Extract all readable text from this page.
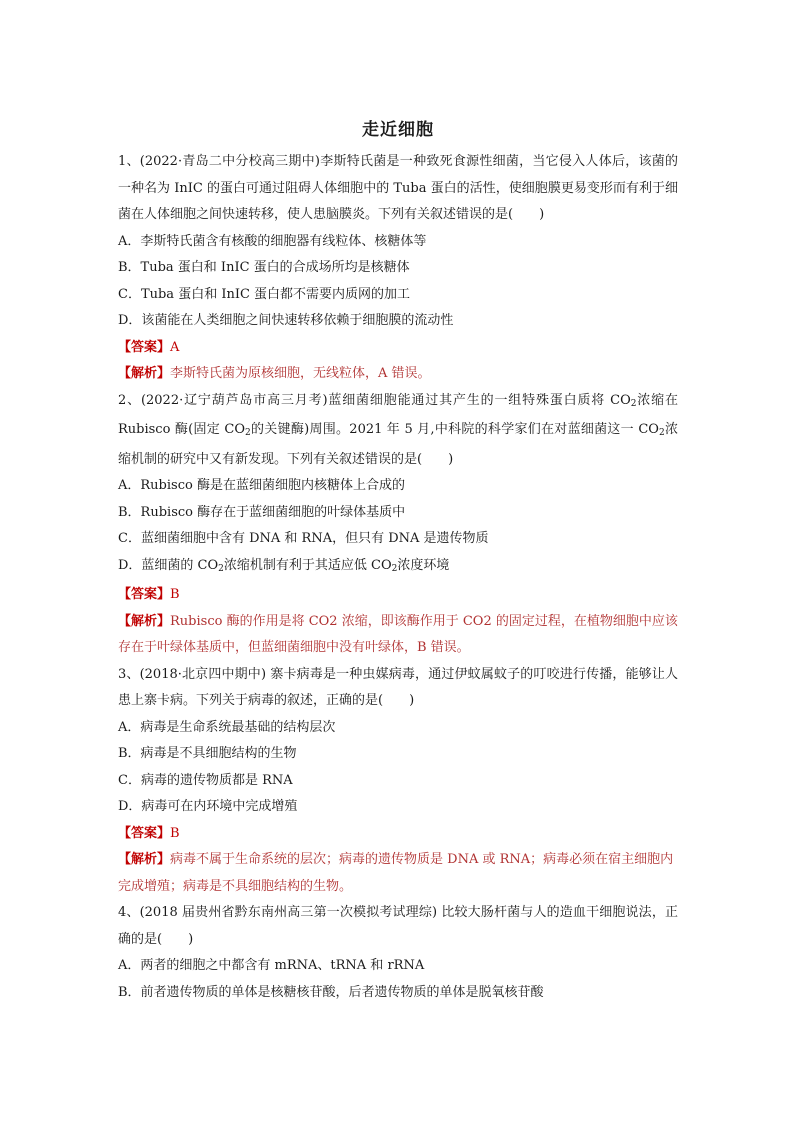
走近细胞

1、(2022·青岛二中分校高三期中)李斯特氏菌是一种致死食源性细菌，当它侵入人体后，该菌的一种名为 InIC 的蛋白可通过阻碍人体细胞中的 Tuba 蛋白的活性，使细胞膜更易变形而有利于细菌在人体细胞之间快速转移，使人患脑膜炎。下列有关叙述错误的是(　　)

A．李斯特氏菌含有核酸的细胞器有线粒体、核糖体等

B．Tuba 蛋白和 InIC 蛋白的合成场所均是核糖体

C．Tuba 蛋白和 InIC 蛋白都不需要内质网的加工

D．该菌能在人类细胞之间快速转移依赖于细胞膜的流动性

【答案】A

【解析】李斯特氏菌为原核细胞，无线粒体，A 错误。

2、(2022·辽宁葫芦岛市高三月考)蓝细菌细胞能通过其产生的一组特殊蛋白质将 $CO_2$浓缩在 Rubisco 酶(固定 $CO_2$的关键酶)周围。2021 年 5 月,中科院的科学家们在对蓝细菌这一 $CO_2$浓缩机制的研究中又有新发现。下列有关叙述错误的是(　　)

A．Rubisco 酶是在蓝细菌细胞内核糖体上合成的

B．Rubisco 酶存在于蓝细菌细胞的叶绿体基质中

C．蓝细菌细胞中含有 DNA 和 RNA，但只有 DNA 是遗传物质

D．蓝细菌的 $CO_2$浓缩机制有利于其适应低 $CO_2$浓度环境

【答案】B

【解析】Rubisco 酶的作用是将 CO2 浓缩，即该酶作用于 CO2 的固定过程，在植物细胞中应该存在于叶绿体基质中，但蓝细菌细胞中没有叶绿体，B 错误。

3、(2018·北京四中期中) 寨卡病毒是一种虫媒病毒，通过伊蚊属蚊子的叮咬进行传播，能够让人患上寨卡病。下列关于病毒的叙述，正确的是(　　)

A．病毒是生命系统最基础的结构层次

B．病毒是不具细胞结构的生物

C．病毒的遗传物质都是 RNA

D．病毒可在内环境中完成增殖

【答案】B

【解析】病毒不属于生命系统的层次；病毒的遗传物质是 DNA 或 RNA；病毒必须在宿主细胞内完成增殖；病毒是不具细胞结构的生物。

4、(2018 届贵州省黔东南州高三第一次模拟考试理综) 比较大肠杆菌与人的造血干细胞说法，正确的是(　　)

A．两者的细胞之中都含有 mRNA、tRNA 和 rRNA

B．前者遗传物质的单体是核糖核苷酸，后者遗传物质的单体是脱氧核苷酸
